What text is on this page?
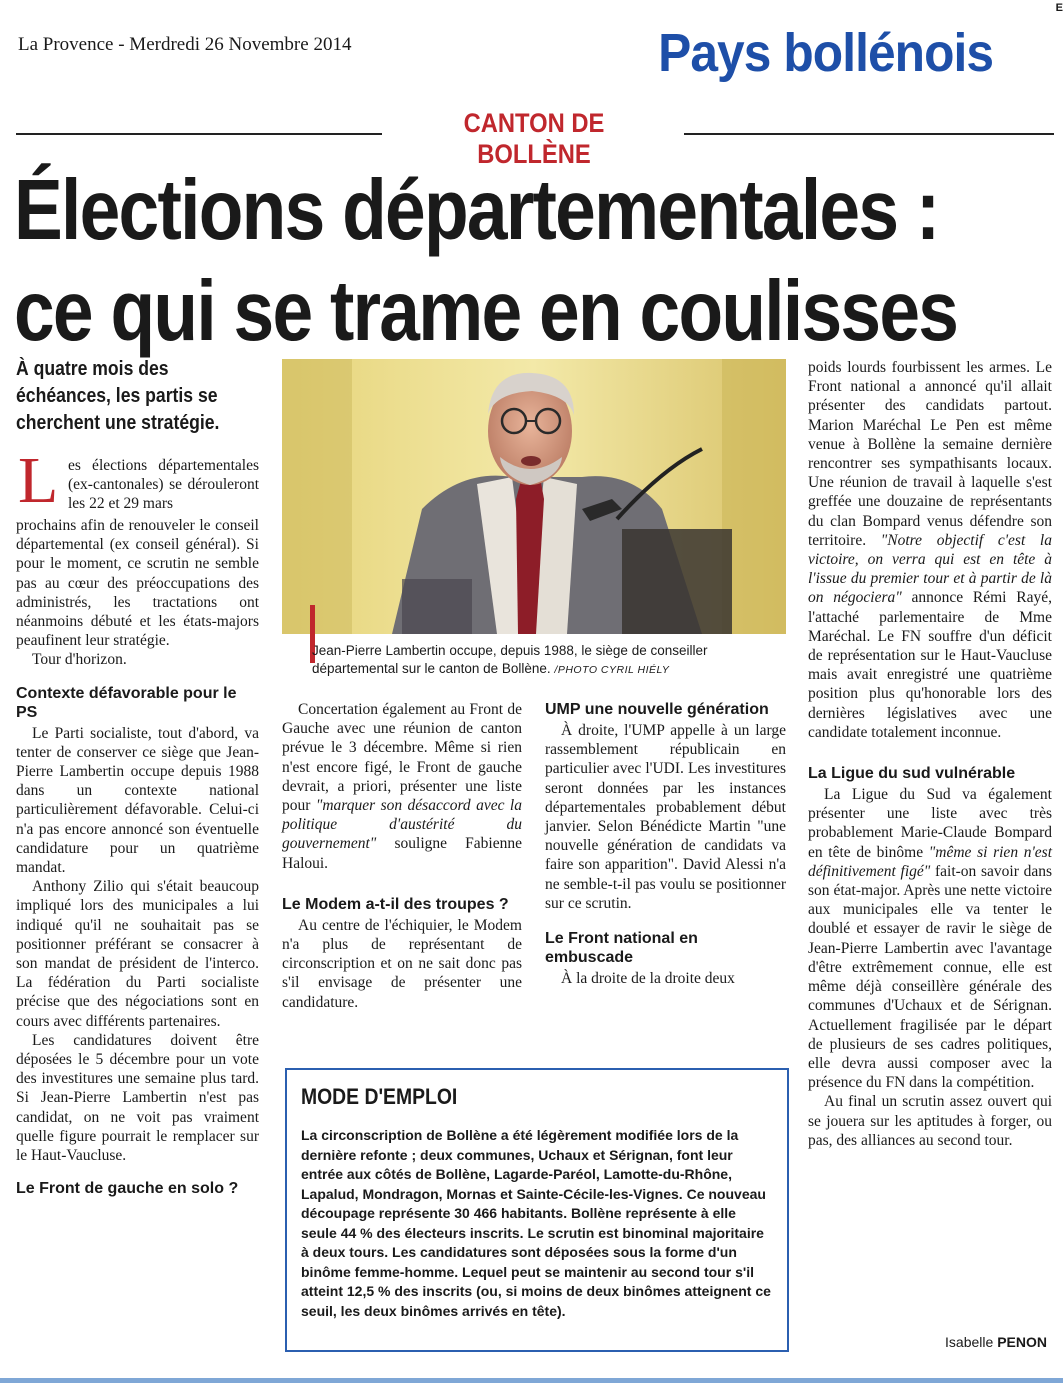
La Provence - Merdredi 26 Novembre 2014	Pays bollénois
E
CANTON DE BOLLÈNE
Élections départementales :
ce qui se trame en coulisses
À quatre mois des échéances, les partis se cherchent une stratégie.
L es élections départementales (ex-cantonales) se dérouleront les 22 et 29 mars

prochains afin de renouveler le conseil départemental (ex conseil général). Si pour le moment, ce scrutin ne semble pas au cœur des préoccupations des administrés, les tractations ont néanmoins débuté et les états-majors peaufinent leur stratégie.

Tour d'horizon.

Contexte défavorable pour le PS

Le Parti socialiste, tout d'abord, va tenter de conserver ce siège que Jean-Pierre Lambertin occupe depuis 1988 dans un contexte national particulièrement défavorable. Celui-ci n'a pas encore annoncé son éventuelle candidature pour un quatrième mandat.

Anthony Zilio qui s'était beaucoup impliqué lors des municipales a lui indiqué qu'il ne souhaitait pas se positionner préférant se consacrer à son mandat de président de l'interco. La fédération du Parti socialiste précise que des négociations sont en cours avec différents partenaires.

Les candidatures doivent être déposées le 5 décembre pour un vote des investitures une semaine plus tard. Si Jean-Pierre Lambertin n'est pas candidat, on ne voit pas vraiment quelle figure pourrait le remplacer sur le Haut-Vaucluse.

Le Front de gauche en solo ?
Jean-Pierre Lambertin occupe, depuis 1988, le siège de conseiller départemental sur le canton de Bollène. /PHOTO CYRIL HIÉLY

Concertation également au Front de Gauche avec une réunion de canton prévue le 3 décembre. Même si rien n'est encore figé, le Front de gauche devrait, a priori, présenter une liste pour "marquer son désaccord avec la politique d'austérité du gouvernement" souligne Fabienne Haloui.

Le Modem a-t-il des troupes ?

Au centre de l'échiquier, le Modem n'a plus de représentant de circonscription et on ne sait donc pas s'il envisage de présenter une candidature.

UMP une nouvelle génération

À droite, l'UMP appelle à un large rassemblement républicain en particulier avec l'UDI. Les investitures seront données par les instances départementales probablement début janvier. Selon Bénédicte Martin "une nouvelle génération de candidats va faire son apparition". David Alessi n'a ne semble-t-il pas voulu se positionner sur ce scrutin.

Le Front national en embuscade

À la droite de la droite deux

poids lourds fourbissent les armes. Le Front national a annoncé qu'il allait présenter des candidats partout. Marion Maréchal Le Pen est même venue à Bollène la semaine dernière rencontrer ses sympathisants locaux. Une réunion de travail à laquelle s'est greffée une douzaine de représentants du clan Bompard venus défendre son territoire. "Notre objectif c'est la victoire, on verra qui est en tête à l'issue du premier tour et à partir de là on négociera" annonce Rémi Rayé, l'attaché parlementaire de Mme Maréchal. Le FN souffre d'un déficit de représentation sur le Haut-Vaucluse mais avait enregistré une quatrième position plus qu'honorable lors des dernières législatives avec une candidate totalement inconnue.

La Ligue du sud vulnérable

La Ligue du Sud va également présenter une liste avec très probablement Marie-Claude Bompard en tête de binôme "même si rien n'est définitivement figé" fait-on savoir dans son état-major. Après une nette victoire aux municipales elle va tenter le doublé et essayer de ravir le siège de Jean-Pierre Lambertin avec l'avantage d'être extrêmement connue, elle est même déjà conseillère générale des communes d'Uchaux et de Sérignan. Actuellement fragilisée par le départ de plusieurs de ses cadres politiques, elle devra aussi composer avec la présence du FN dans la compétition.

Au final un scrutin assez ouvert qui se jouera sur les aptitudes à forger, ou pas, des alliances au second tour.

MODE D'EMPLOI
La circonscription de Bollène a été légèrement modifiée lors de la dernière refonte ; deux communes, Uchaux et Sérignan, font leur entrée aux côtés de Bollène, Lagarde-Paréol, Lamotte-du-Rhône, Lapalud, Mondragon, Mornas et Sainte-Cécile-les-Vignes. Ce nouveau découpage représente 30 466 habitants. Bollène représente à elle seule 44 % des électeurs inscrits. Le scrutin est binominal majoritaire à deux tours. Les candidatures sont déposées sous la forme d'un binôme femme-homme. Lequel peut se maintenir au second tour s'il atteint 12,5 % des inscrits (ou, si moins de deux binômes atteignent ce seuil, les deux binômes arrivés en tête).
Isabelle PENON
